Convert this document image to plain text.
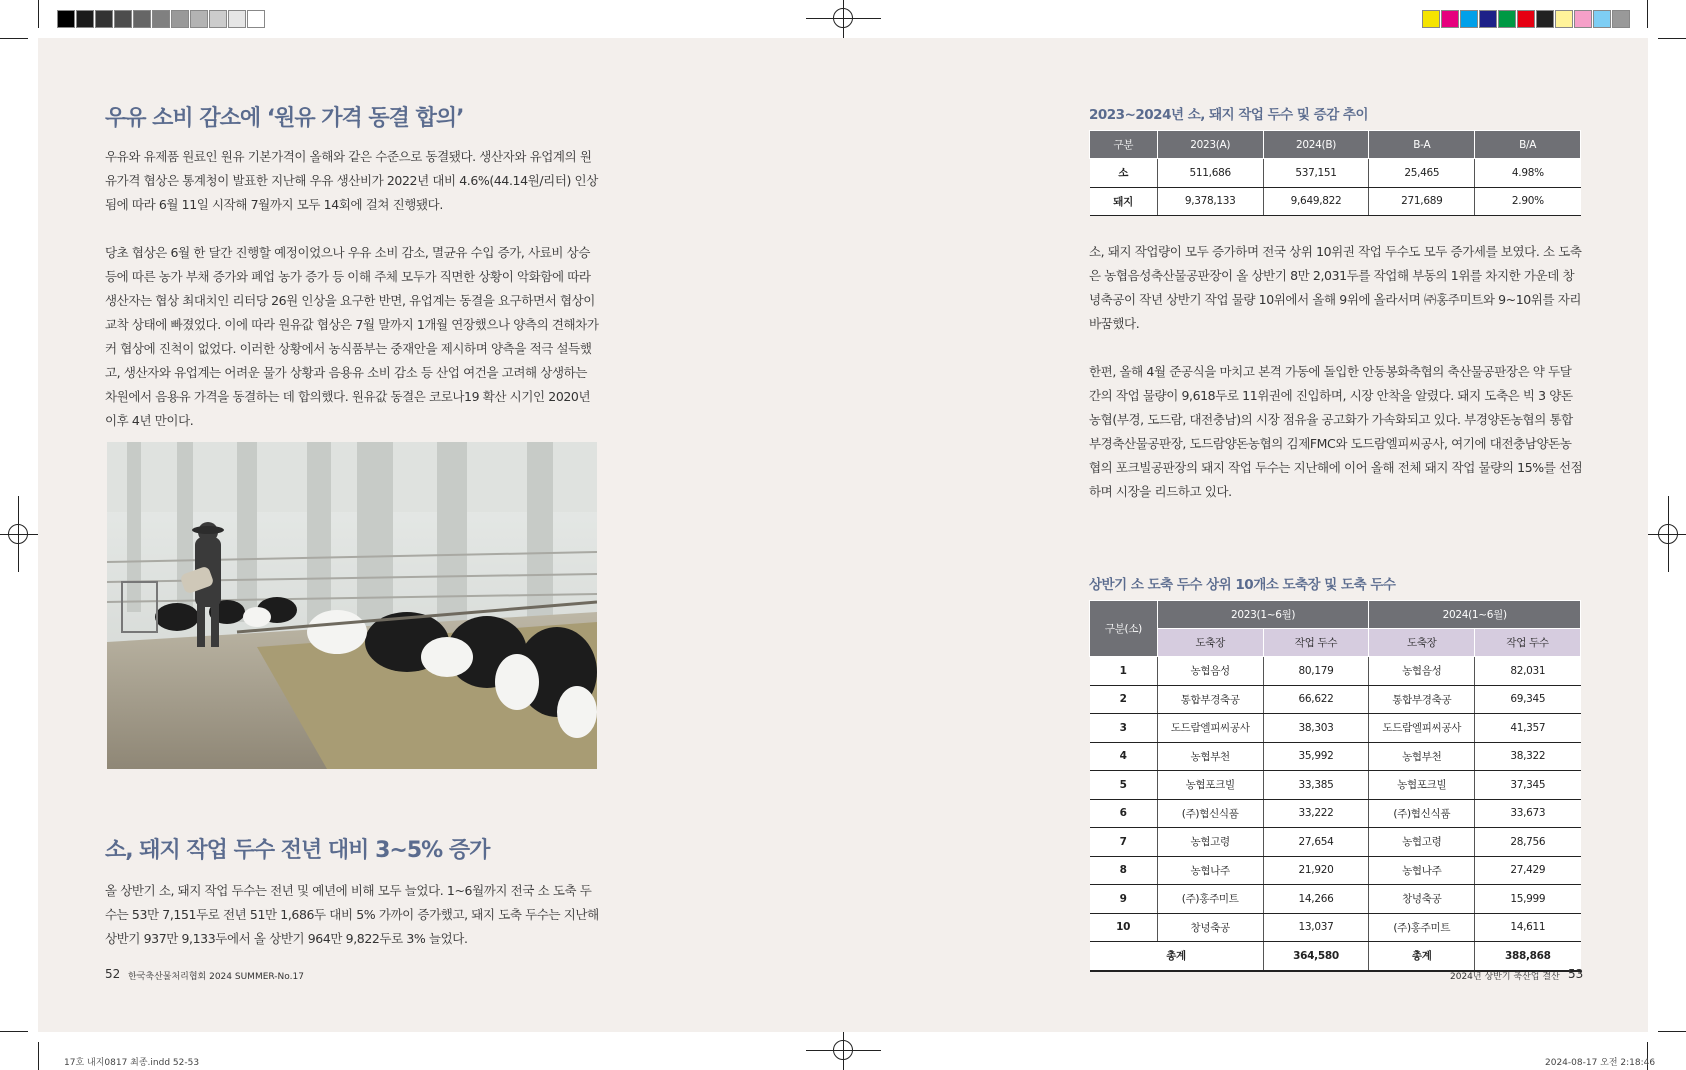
우유 소비 감소에 ‘원유 가격 동결 합의’

우유와 유제품 원료인 원유 기본가격이 올해와 같은 수준으로 동결됐다. 생산자와 유업계의 원유가격 협상은 통계청이 발표한 지난해 우유 생산비가 2022년 대비 4.6%(44.14원/리터) 인상됨에 따라 6월 11일 시작해 7월까지 모두 14회에 걸쳐 진행됐다.

당초 협상은 6월 한 달간 진행할 예정이었으나 우유 소비 감소, 멸균유 수입 증가, 사료비 상승 등에 따른 농가 부채 증가와 폐업 농가 증가 등 이해 주체 모두가 직면한 상황이 악화함에 따라 생산자는 협상 최대치인 리터당 26원 인상을 요구한 반면, 유업계는 동결을 요구하면서 협상이 교착 상태에 빠졌었다. 이에 따라 원유값 협상은 7월 말까지 1개월 연장했으나 양측의 견해차가 커 협상에 진척이 없었다. 이러한 상황에서 농식품부는 중재안을 제시하며 양측을 적극 설득했고, 생산자와 유업계는 어려운 물가 상황과 음용유 소비 감소 등 산업 여건을 고려해 상생하는 차원에서 음용유 가격을 동결하는 데 합의했다. 원유값 동결은 코로나19 확산 시기인 2020년 이후 4년 만이다.

소, 돼지 작업 두수 전년 대비 3~5% 증가

올 상반기 소, 돼지 작업 두수는 전년 및 예년에 비해 모두 늘었다. 1~6월까지 전국 소 도축 두수는 53만 7,151두로 전년 51만 1,686두 대비 5% 가까이 증가했고, 돼지 도축 두수는 지난해 상반기 937만 9,133두에서 올 상반기 964만 9,822두로 3% 늘었다.

52 한국축산물처리협회 2024 SUMMER-No.17
2023~2024년 소, 돼지 작업 두수 및 증감 추이
구분	2023(A)	2024(B)	B-A	B/A
소	511,686	537,151	25,465	4.98%
돼지	9,378,133	9,649,822	271,689	2.90%

소, 돼지 작업량이 모두 증가하며 전국 상위 10위권 작업 두수도 모두 증가세를 보였다. 소 도축은 농협음성축산물공판장이 올 상반기 8만 2,031두를 작업해 부동의 1위를 차지한 가운데 창녕축공이 작년 상반기 작업 물량 10위에서 올해 9위에 올라서며 ㈜홍주미트와 9~10위를 자리바꿈했다.

한편, 올해 4월 준공식을 마치고 본격 가동에 돌입한 안동봉화축협의 축산물공판장은 약 두달간의 작업 물량이 9,618두로 11위권에 진입하며, 시장 안착을 알렸다. 돼지 도축은 빅 3 양돈농협(부경, 도드람, 대전충남)의 시장 점유율 공고화가 가속화되고 있다. 부경양돈농협의 통합부경축산물공판장, 도드람양돈농협의 김제FMC와 도드람엘피씨공사, 여기에 대전충남양돈농협의 포크빌공판장의 돼지 작업 두수는 지난해에 이어 올해 전체 돼지 작업 물량의 15%를 선점하며 시장을 리드하고 있다.

상반기 소 도축 두수 상위 10개소 도축장 및 도축 두수
구분(소)	2023(1~6월)		2024(1~6월)	
	도축장	작업 두수	도축장	작업 두수
1	농협음성	80,179	농협음성	82,031
2	통합부경축공	66,622	통합부경축공	69,345
3	도드람엘피씨공사	38,303	도드람엘피씨공사	41,357
4	농협부천	35,992	농협부천	38,322
5	농협포크빌	33,385	농협포크빌	37,345
6	(주)협신식품	33,222	(주)협신식품	33,673
7	농협고령	27,654	농협고령	28,756
8	농협나주	21,920	농협나주	27,429
9	(주)홍주미트	14,266	창녕축공	15,999
10	창녕축공	13,037	(주)홍주미트	14,611
총계		364,580	총계	388,868
2024년 상반기 축산업 결산 53
17호 내지0817 최종.indd 52-53	2024-08-17 오전 2:18:46
